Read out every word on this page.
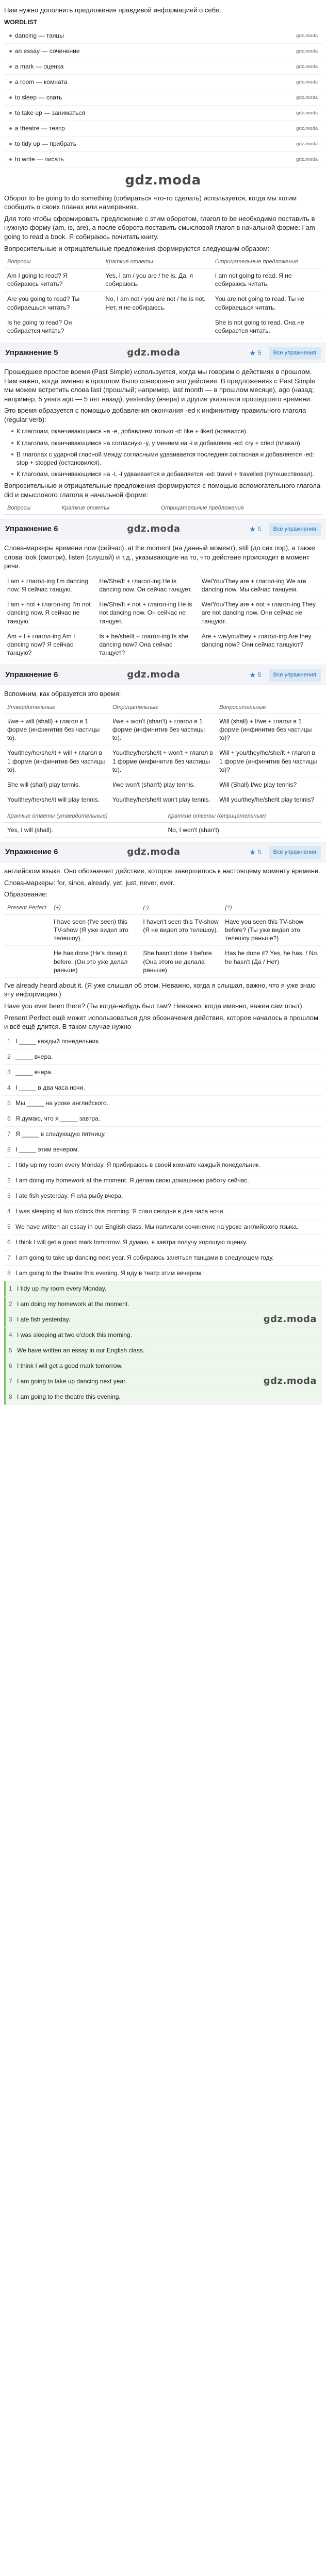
Нам нужно дополнить предложения правдивой информацией о себе.

WORDLIST
dancing — танцы	gdz.moda
an essay — сочинение	gdz.moda
a mark — оценка	gdz.moda
a room — комната	gdz.moda
to sleep — спать	gdz.moda
to take up — заниматься	gdz.moda
a theatre — театр	gdz.moda
to tidy up — прибрать	gdz.moda
to write — писать	gdz.moda
gdz.moda

Оборот to be going to do something (собираться что-то сделать) используется, когда мы хотим сообщить о своих планах или намерениях.

Для того чтобы сформировать предложение с этим оборотом, глагол to be необходимо поставить в нужную форму (am, is, are), а после оборота поставить смысловой глагол в начальной форме: I am going to read a book. Я собираюсь почитать книгу.

Вопросительные и отрицательные предложения формируются следующим образом:

Вопросы	Краткие ответы	Отрицательные предложения
Am I going to read? Я собираюсь читать?	Yes, I am / you are / he is. Да, я собираюсь.	I am not going to read. Я не собираюсь читать.
Are you going to read? Ты собираешься читать?	No, I am not / you are not / he is not. Нет, я не собираюсь.	You are not going to read. Ты не собираешься читать.
Is he going to read? Он собирается читать?		She is not going to read. Она не собирается читать.
Упражнение 5	gdz.moda	★ 5	Все упражнения

Прошедшее простое время (Past Simple) используется, когда мы говорим о действиях в прошлом. Нам важно, когда именно в прошлом было совершено это действие. В предложениях с Past Simple мы можем встретить слова last (прошлый; например, last month — в прошлом месяце), ago (назад; например, 5 years ago — 5 лет назад), yesterday (вчера) и другие указатели прошедшего времени.

Это время образуется с помощью добавления окончания -ed к инфинитиву правильного глагола (regular verb):

К глаголам, оканчивающимся на -e, добавляем только -d: like + liked (нравился).
К глаголам, оканчивающимся на согласную -y, у меняем на -i и добавляем -ed: cry + cried (плакал).
В глаголах с ударной гласной между согласными удваивается последняя согласная и добавляется -ed: stop + stopped (остановился).
К глаголам, оканчивающимся на -l, -l удваивается и добавляется -ed: travel + travelled (путешествовал).

Вопросительные и отрицательные предложения формируются с помощью вспомогательного глагола did и смыслового глагола в начальной форме:

Вопросы	Краткие ответы	Отрицательные предложения
Упражнение 6	gdz.moda	★ 5	Все упражнения

Слова-маркеры времени now (сейчас), at the moment (на данный момент), still (до сих пор), а также слова look (смотри), listen (слушай) и т.д., указывающие на то, что действие происходит в момент речи.

I am + глагол-ing I'm dancing now. Я сейчас танцую.	He/She/It + глагол-ing He is dancing now. Он сейчас танцует.	We/You/They are + глагол-ing We are dancing now. Мы сейчас танцуем.
I am + not + глагол-ing I'm not dancing now. Я сейчас не танцую.	He/She/It + not + глагол-ing He is not dancing now. Он сейчас не танцует.	We/You/They are + not + глагол-ing They are not dancing now. Они сейчас не танцуют.
Am + I + глагол-ing Am I dancing now? Я сейчас танцую?	Is + he/she/it + глагол-ing Is she dancing now? Она сейчас танцует?	Are + we/you/they + глагол-ing Are they dancing now? Они сейчас танцуют?
Упражнение 6	gdz.moda	★ 5	Все упражнения

Вспомним, как образуется это время:

Утвердительные	Отрицательные	Вопросительные
I/we + will (shall) + глагол в 1 форме (инфинитив без частицы to).	I/we + won't (shan't) + глагол в 1 форме (инфинитив без частицы to).	Will (shall) + I/we + глагол в 1 форме (инфинитив без частицы to)?
You/they/he/she/it + will + глагол в 1 форме (инфинитив без частицы to).	You/they/he/she/it + won't + глагол в 1 форме (инфинитив без частицы to).	Will + you/they/he/she/it + глагол в 1 форме (инфинитив без частицы to)?
She will (shall) play tennis.	I/we won't (shan't) play tennis.	Will (Shall) I/we play tennis?
You/they/he/she/it will play tennis.	You/they/he/she/it won't play tennis.	Will you/they/he/she/it play tennis?
Краткие ответы (утвердительные)	Краткие ответы (отрицательные)
Yes, I will (shall).	No, I won't (shan't).
Упражнение 6	gdz.moda	★ 5	Все упражнения

английском языке. Оно обозначает действие, которое завершилось к настоящему моменту времени.

Слова-маркеры: for, since, already, yet, just, never, ever.

Образование:

Present Perfect	(+)	(-)	(?)
	I have seen (I've seen) this TV-show (Я уже видел это телешоу).	I haven't seen this TV-show (Я не видел это телешоу).	Have you seen this TV-show before? (Ты уже видел это телешоу раньше?)
	He has done (He's done) it before. (Он это уже делал раньше)	She hasn't done it before. (Она этого не делала раньше)	Has he done it? Yes, he has. / No, he hasn't (Да / Нет)

I've already heard about it. (Я уже слышал об этом. Неважно, когда я слышал, важно, что я уже знаю эту информацию.)

Have you ever been there? (Ты когда-нибудь был там? Неважно, когда именно, важен сам опыт).

Present Perfect ещё может использоваться для обозначения действия, которое началось в прошлом и всё ещё длится. В таком случае нужно

1 I _____ каждый понедельник.
2 _____ вчера.
3 _____ вчера.
4 I _____ в два часа ночи.
5 Мы _____ на уроке английского.
6 Я думаю, что я _____ завтра.
7 Я _____ в следующую пятницу.
8 I _____ этим вечером.
1 I tidy up my room every Monday. Я прибираюсь в своей комнате каждый понедельник.
2 I am doing my homework at the moment. Я делаю свою домашнюю работу сейчас.
3 I ate fish yesterday. Я ела рыбу вчера.
4 I was sleeping at two o'clock this morning. Я спал сегодня в два часа ночи.
5 We have written an essay in our English class. Мы написали сочинение на уроке английского языка.
6 I think I will get a good mark tomorrow. Я думаю, я завтра получу хорошую оценку.
7 I am going to take up dancing next year. Я собираюсь заняться танцами в следующем году.
8 I am going to the theatre this evening. Я иду в театр этим вечером.
1 I tidy up my room every Monday.
2 I am doing my homework at the moment.
3 I ate fish yesterday.	gdz.moda
4 I was sleeping at two o'clock this morning.
5 We have written an essay in our English class.
6 I think I will get a good mark tomorrow.
7 I am going to take up dancing next year.	gdz.moda
8 I am going to the theatre this evening.
